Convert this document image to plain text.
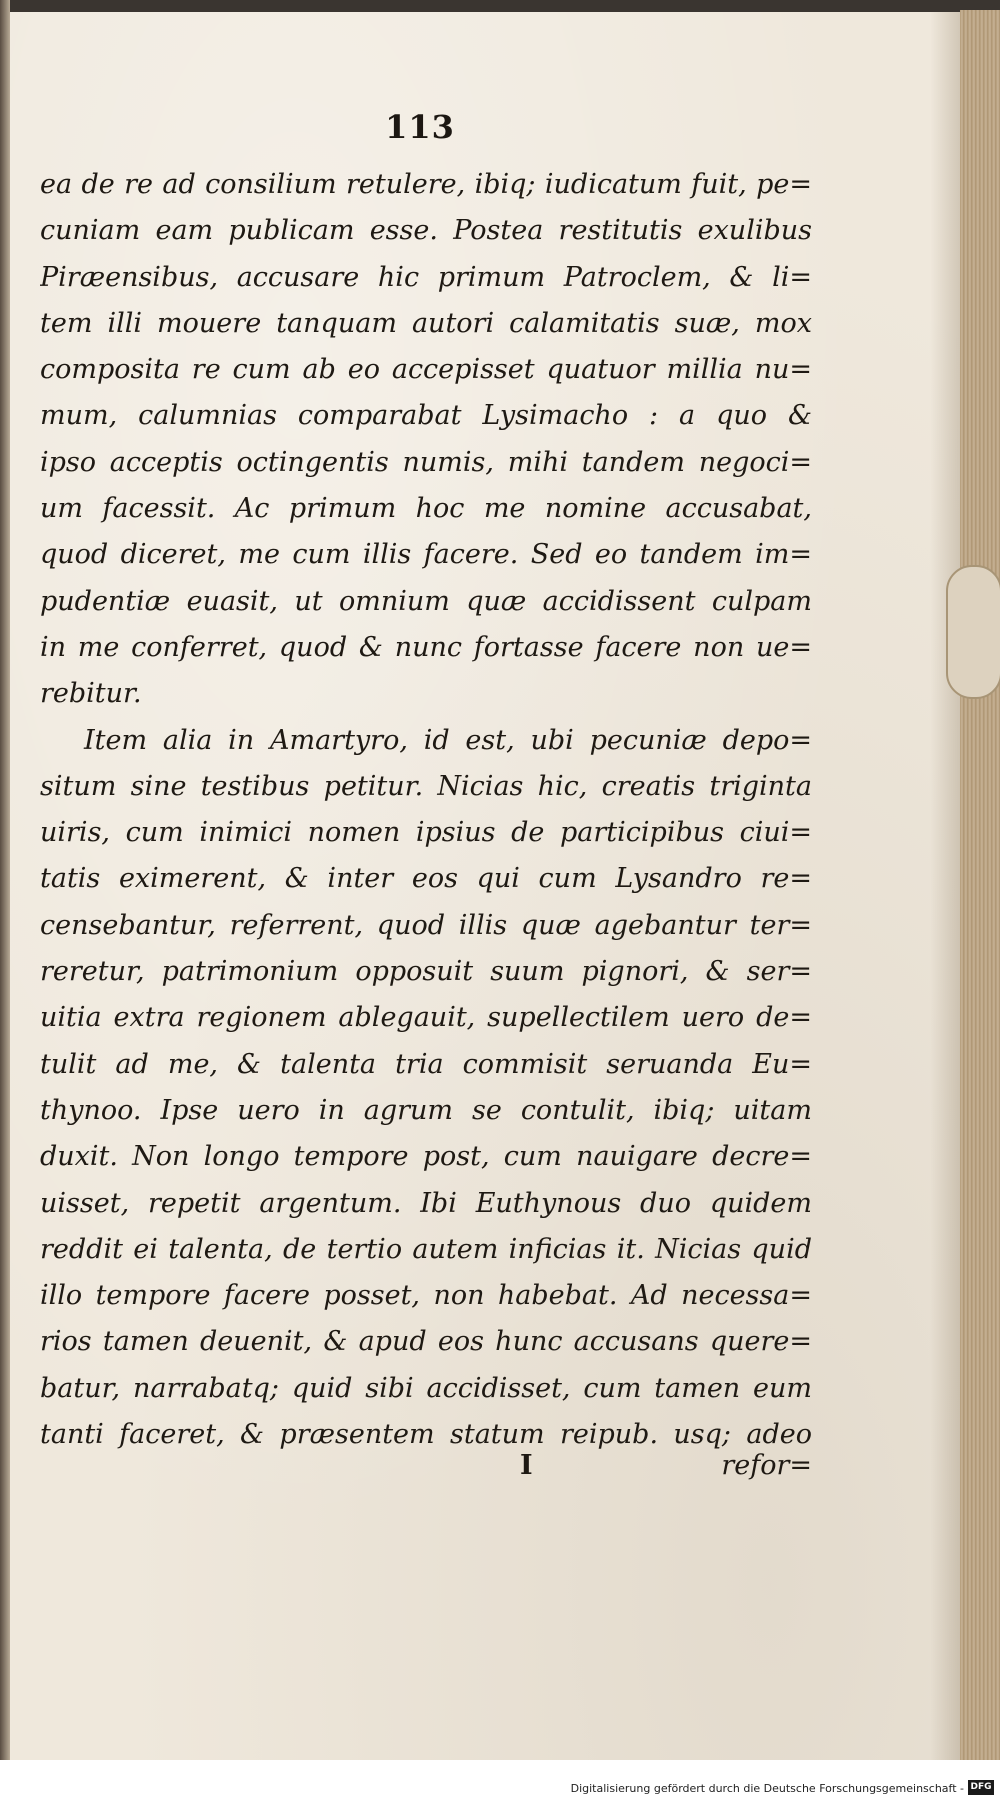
113
ea de re ad consilium retulere, ibiq; iudicatum fuit, pe=
cuniam eam publicam esse. Postea restitutis exulibus
Piræensibus, accusare hic primum Patroclem, & li=
tem illi mouere tanquam autori calamitatis suæ, mox
composita re cum ab eo accepisset quatuor millia nu=
mum, calumnias comparabat Lysimacho : a quo &
ipso acceptis octingentis numis, mihi tandem negoci=
um facessit. Ac primum hoc me nomine accusabat,
quod diceret, me cum illis facere. Sed eo tandem im=
pudentiæ euasit, ut omnium quæ accidissent culpam
in me conferret, quod & nunc fortasse facere non ue=
rebitur.
Item alia in Amartyro, id est, ubi pecuniæ depo=
situm sine testibus petitur. Nicias hic, creatis triginta
uiris, cum inimici nomen ipsius de participibus ciui=
tatis eximerent, & inter eos qui cum Lysandro re=
censebantur, referrent, quod illis quæ agebantur ter=
reretur, patrimonium opposuit suum pignori, & ser=
uitia extra regionem ablegauit, supellectilem uero de=
tulit ad me, & talenta tria commisit seruanda Eu=
thynoo. Ipse uero in agrum se contulit, ibiq; uitam
duxit. Non longo tempore post, cum nauigare decre=
uisset, repetit argentum. Ibi Euthynous duo quidem
reddit ei talenta, de tertio autem inficias it. Nicias quid
illo tempore facere posset, non habebat. Ad necessa=
rios tamen deuenit, & apud eos hunc accusans quere=
batur, narrabatq; quid sibi accidisset, cum tamen eum
tanti faceret, & præsentem statum reipub. usq; adeo
I	refor=
Digitalisierung gefördert durch die Deutsche Forschungsgemeinschaft - DFG
